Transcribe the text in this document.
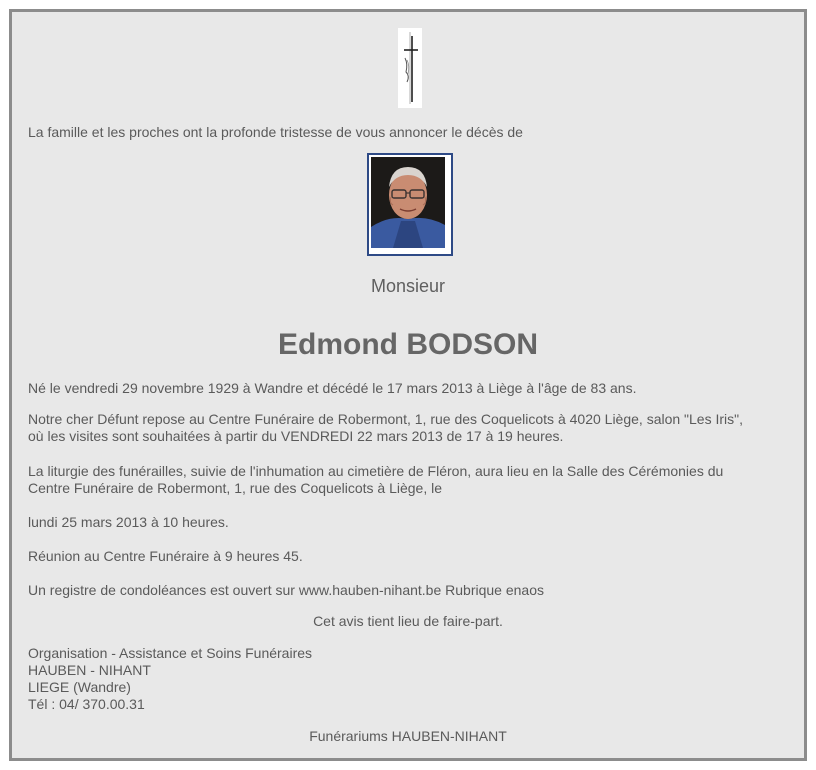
La famille et les proches ont la profonde tristesse de vous annoncer le décès de

Monsieur

Edmond BODSON

Né le vendredi 29 novembre 1929 à Wandre et décédé le 17 mars 2013 à Liège à l'âge de 83 ans.

Notre cher Défunt repose au Centre Funéraire de Robermont, 1, rue des Coquelicots à 4020 Liège, salon "Les Iris",
où les visites sont souhaitées à partir du VENDREDI 22 mars 2013 de 17 à 19 heures.

La liturgie des funérailles, suivie de l'inhumation au cimetière de Fléron, aura lieu en la Salle des Cérémonies du
Centre Funéraire de Robermont, 1, rue des Coquelicots à Liège, le

lundi 25 mars 2013 à 10 heures.

Réunion au Centre Funéraire à 9 heures 45.

Un registre de condoléances est ouvert sur www.hauben-nihant.be Rubrique enaos

Cet avis tient lieu de faire-part.

Organisation - Assistance et Soins Funéraires
HAUBEN - NIHANT
LIEGE (Wandre)
Tél : 04/ 370.00.31

Funérariums HAUBEN-NIHANT
